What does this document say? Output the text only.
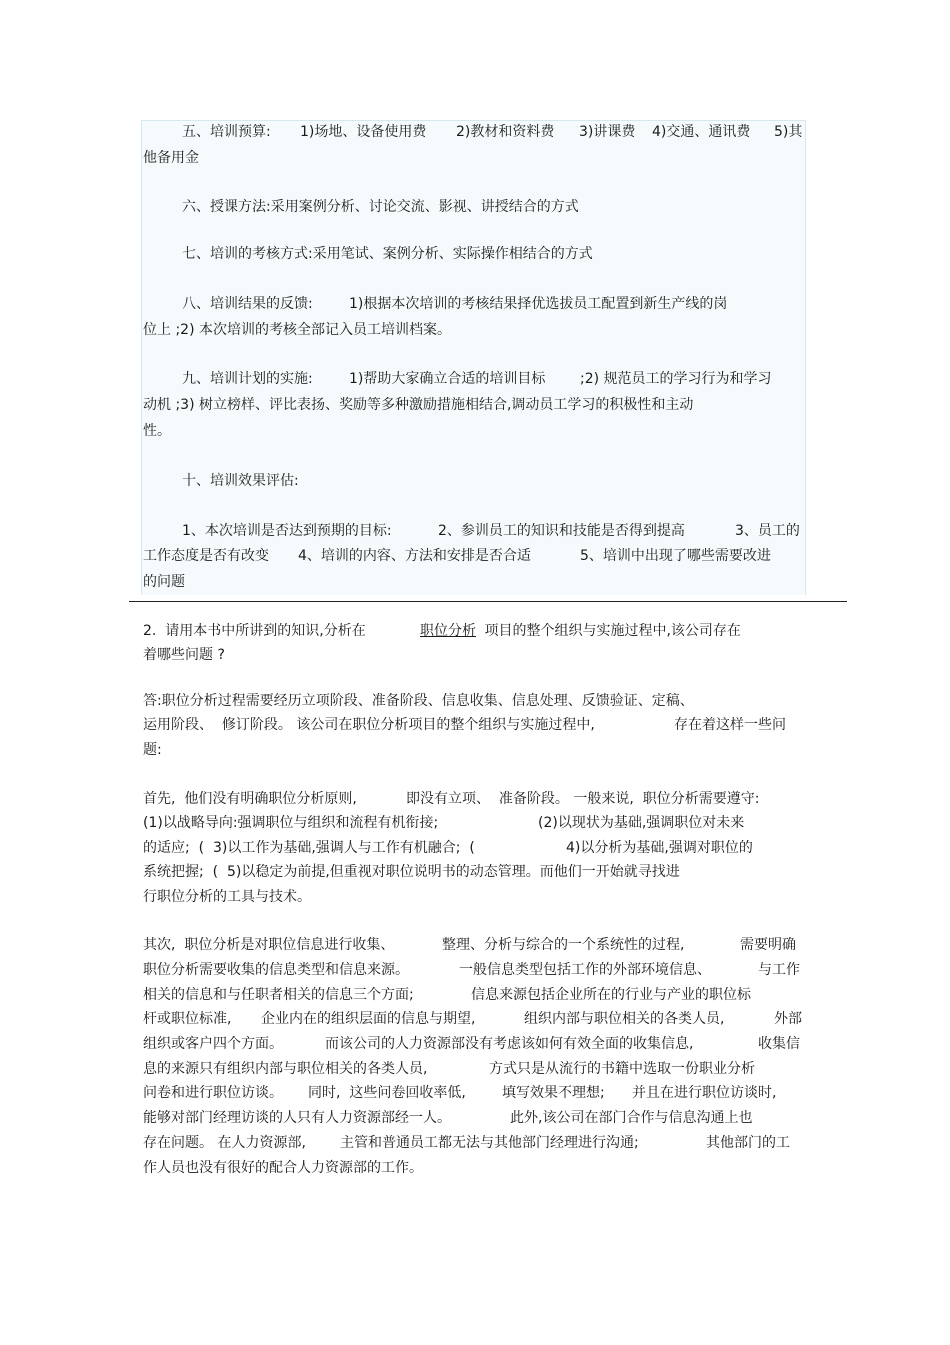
五、培训预算: 1)场地、设备使用费 2)教材和资料费 3)讲课费 4)交通、通讯费 5)其
他备用金
六、授课方法:采用案例分析、讨论交流、影视、讲授结合的方式
七、培训的考核方式:采用笔试、案例分析、实际操作相结合的方式
八、培训结果的反馈:	1)根据本次培训的考核结果择优选拔员工配置到新生产线的岗
位上 ;2) 本次培训的考核全部记入员工培训档案。
九、培训计划的实施:	1)帮助大家确立合适的培训目标 ;2) 规范员工的学习行为和学习
动机 ;3) 树立榜样、评比表扬、奖励等多种激励措施相结合,调动员工学习的积极性和主动
性。
十、培训效果评估:
1、本次培训是否达到预期的目标:	2、参训员工的知识和技能是否得到提高	3、员工的
工作态度是否有改变 4、培训的内容、方法和安排是否合适	5、培训中出现了哪些需要改进
的问题
2.  请用本书中所讲到的知识,分析在	职位分析 项目的整个组织与实施过程中,该公司存在
着哪些问题 ?
答:职位分析过程需要经历立项阶段、准备阶段、信息收集、信息处理、反馈验证、定稿、
运用阶段、  修订阶段。 该公司在职位分析项目的整个组织与实施过程中,	存在着这样一些问
题:
首先,  他们没有明确职位分析原则,	即没有立项、  准备阶段。 一般来说,  职位分析需要遵守:
(1)以战略导向:强调职位与组织和流程有机衔接;	(2)以现状为基础,强调职位对未来
的适应;  (  3)以工作为基础,强调人与工作有机融合;  (	4)以分析为基础,强调对职位的
系统把握;  (  5)以稳定为前提,但重视对职位说明书的动态管理。而他们一开始就寻找进
行职位分析的工具与技术。
其次,  职位分析是对职位信息进行收集、	整理、分析与综合的一个系统性的过程,	需要明确
职位分析需要收集的信息类型和信息来源。	一般信息类型包括工作的外部环境信息、	与工作
相关的信息和与任职者相关的信息三个方面;	信息来源包括企业所在的行业与产业的职位标
杆或职位标准, 企业内在的组织层面的信息与期望,	组织内部与职位相关的各类人员,	外部
组织或客户四个方面。	而该公司的人力资源部没有考虑该如何有效全面的收集信息,	收集信
息的来源只有组织内部与职位相关的各类人员,	方式只是从流行的书籍中选取一份职业分析
问卷和进行职位访谈。 同时,  这些问卷回收率低,	填写效果不理想; 并且在进行职位访谈时,
能够对部门经理访谈的人只有人力资源部经一人。	此外,该公司在部门合作与信息沟通上也
存在问题。 在人力资源部, 主管和普通员工都无法与其他部门经理进行沟通;	其他部门的工
作人员也没有很好的配合人力资源部的工作。
